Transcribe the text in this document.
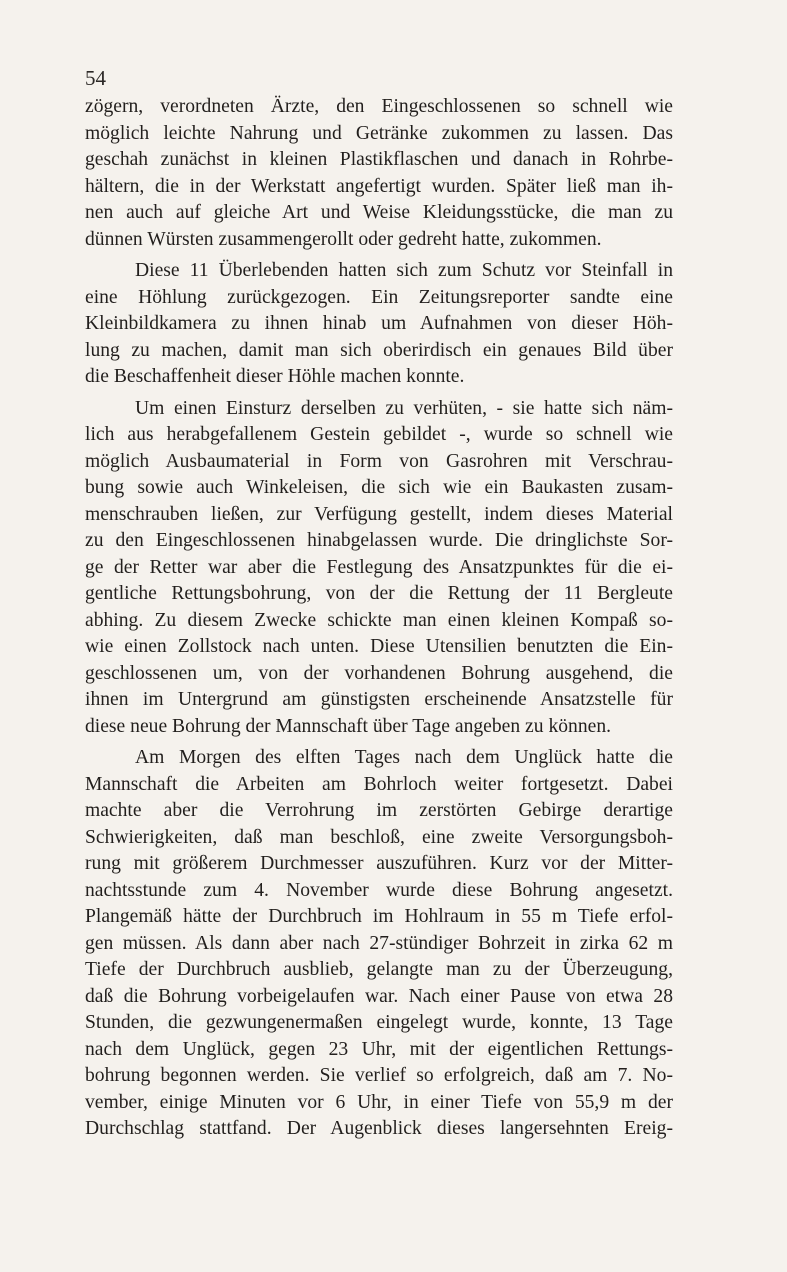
54
zögern, verordneten Ärzte, den Eingeschlossenen so schnell wie
möglich leichte Nahrung und Getränke zukommen zu lassen. Das
geschah zunächst in kleinen Plastikflaschen und danach in Rohrbe-
hältern, die in der Werkstatt angefertigt wurden. Später ließ man ih-
nen auch auf gleiche Art und Weise Kleidungsstücke, die man zu
dünnen Würsten zusammengerollt oder gedreht hatte, zukommen.
Diese 11 Überlebenden hatten sich zum Schutz vor Steinfall in
eine Höhlung zurückgezogen. Ein Zeitungsreporter sandte eine
Kleinbildkamera zu ihnen hinab um Aufnahmen von dieser Höh-
lung zu machen, damit man sich oberirdisch ein genaues Bild über
die Beschaffenheit dieser Höhle machen konnte.
Um einen Einsturz derselben zu verhüten, - sie hatte sich näm-
lich aus herabgefallenem Gestein gebildet -, wurde so schnell wie
möglich Ausbaumaterial in Form von Gasrohren mit Verschrau-
bung sowie auch Winkeleisen, die sich wie ein Baukasten zusam-
menschrauben ließen, zur Verfügung gestellt, indem dieses Material
zu den Eingeschlossenen hinabgelassen wurde. Die dringlichste Sor-
ge der Retter war aber die Festlegung des Ansatzpunktes für die ei-
gentliche Rettungsbohrung, von der die Rettung der 11 Bergleute
abhing. Zu diesem Zwecke schickte man einen kleinen Kompaß so-
wie einen Zollstock nach unten. Diese Utensilien benutzten die Ein-
geschlossenen um, von der vorhandenen Bohrung ausgehend, die
ihnen im Untergrund am günstigsten erscheinende Ansatzstelle für
diese neue Bohrung der Mannschaft über Tage angeben zu können.
Am Morgen des elften Tages nach dem Unglück hatte die
Mannschaft die Arbeiten am Bohrloch weiter fortgesetzt. Dabei
machte aber die Verrohrung im zerstörten Gebirge derartige
Schwierigkeiten, daß man beschloß, eine zweite Versorgungsboh-
rung mit größerem Durchmesser auszuführen. Kurz vor der Mitter-
nachtsstunde zum 4. November wurde diese Bohrung angesetzt.
Plangemäß hätte der Durchbruch im Hohlraum in 55 m Tiefe erfol-
gen müssen. Als dann aber nach 27-stündiger Bohrzeit in zirka 62 m
Tiefe der Durchbruch ausblieb, gelangte man zu der Überzeugung,
daß die Bohrung vorbeigelaufen war. Nach einer Pause von etwa 28
Stunden, die gezwungenermaßen eingelegt wurde, konnte, 13 Tage
nach dem Unglück, gegen 23 Uhr, mit der eigentlichen Rettungs-
bohrung begonnen werden. Sie verlief so erfolgreich, daß am 7. No-
vember, einige Minuten vor 6 Uhr, in einer Tiefe von 55,9 m der
Durchschlag stattfand. Der Augenblick dieses langersehnten Ereig-
